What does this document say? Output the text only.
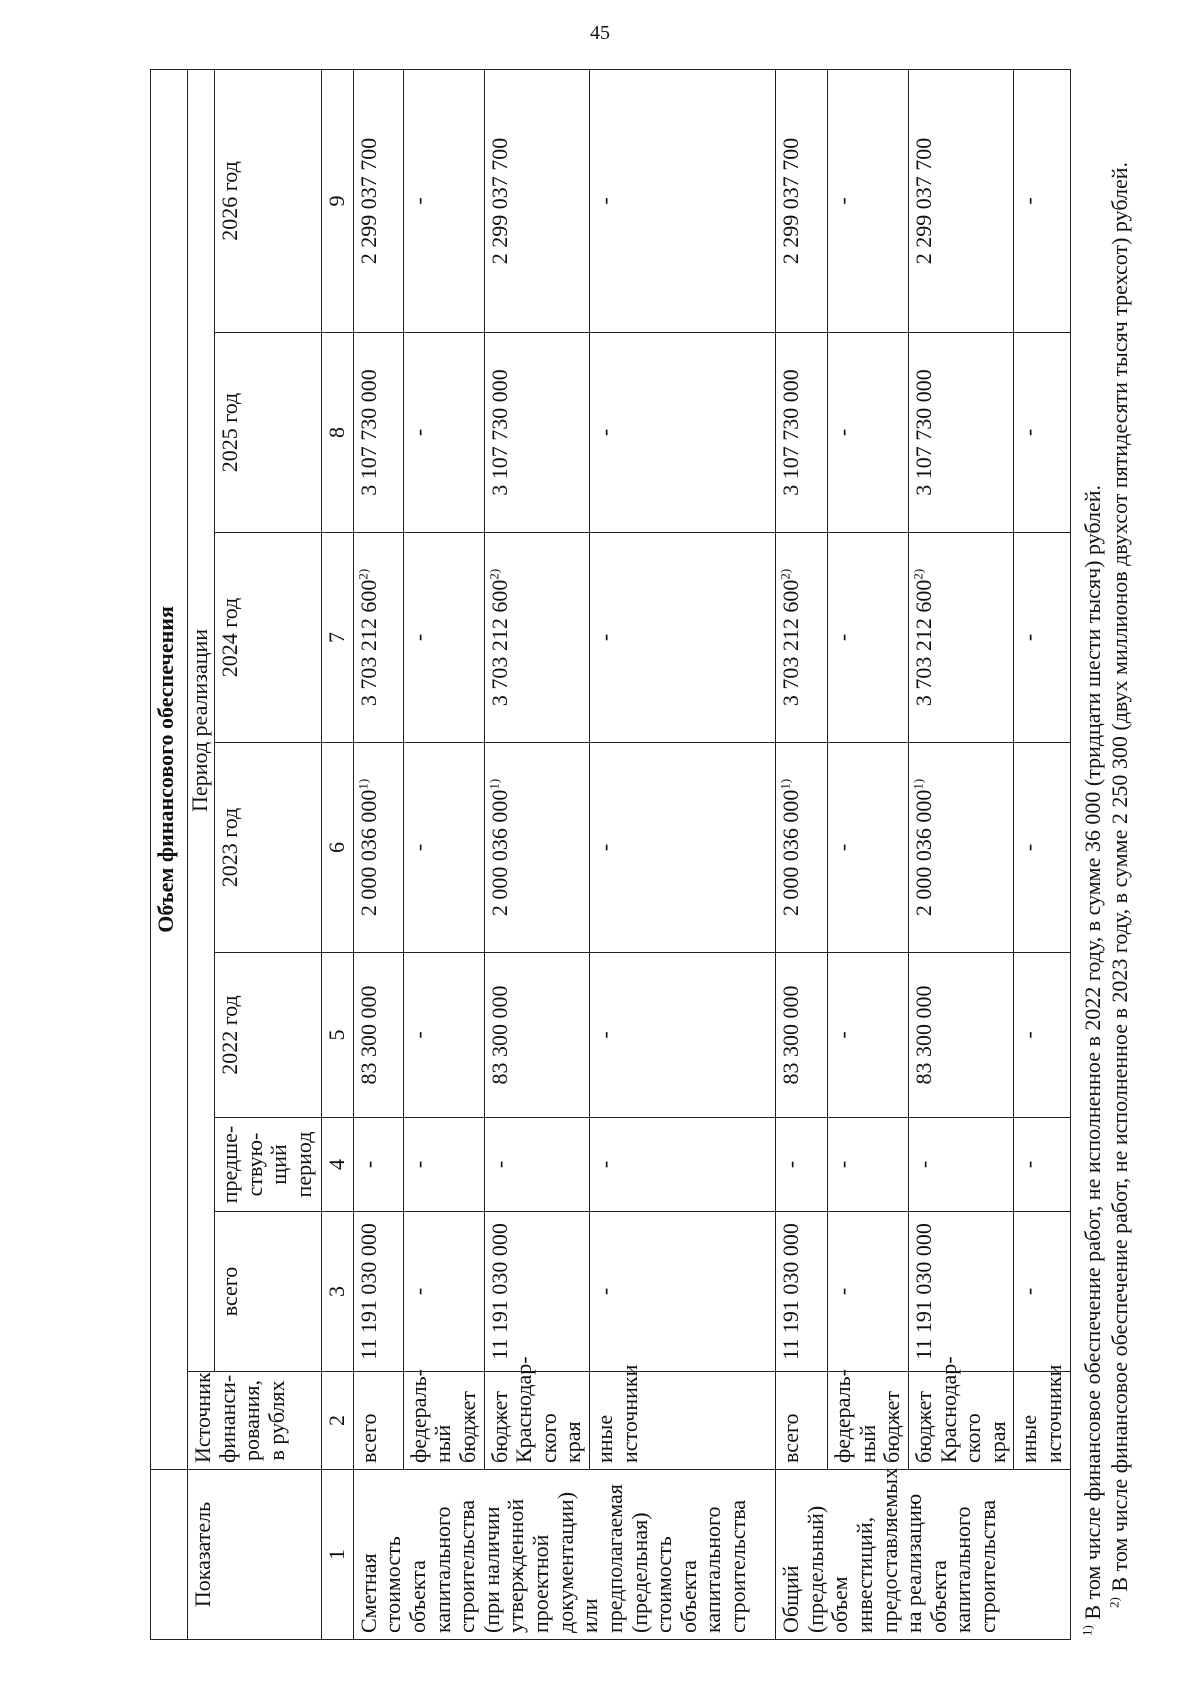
45
	Объем финансового обеспечения							
Показатель	Источник финанси-рования, в рублях	Период реализации						
		всего	предше-ствую-щий период	2022 год	2023 год	2024 год	2025 год	2026 год
1	2	3	4	5	6	7	8	9
Сметная стоимость объекта капитального строительства (при наличии утвержденной проектной документации) или предполагаемая (предельная) стоимость объекта капитального строительства	всего	11 191 030 000	-	83 300 000	2 000 036 000$^{1)}$	3 703 212 600$^{2)}$	3 107 730 000	2 299 037 700
	федераль-ный бюджет	-	-	-	-	-	-	-
	бюджет Краснодар-ского края	11 191 030 000	-	83 300 000	2 000 036 000$^{1)}$	3 703 212 600$^{2)}$	3 107 730 000	2 299 037 700
	иные источники	-	-	-	-	-	-	-
Общий (предельный) объем инвестиций, предоставляемых на реализацию объекта капитального строительства	всего	11 191 030 000	-	83 300 000	2 000 036 000$^{1)}$	3 703 212 600$^{2)}$	3 107 730 000	2 299 037 700
	федераль-ный бюджет	-	-	-	-	-	-	-
	бюджет Краснодар-ского края	11 191 030 000	-	83 300 000	2 000 036 000$^{1)}$	3 703 212 600$^{2)}$	3 107 730 000	2 299 037 700
	иные источники	-	-	-	-	-	-	-

$^{1)}$ В том числе финансовое обеспечение работ, не исполненное в 2022 году, в сумме 36 000 (тридцати шести тысяч) рублей. $^{2)}$ В том числе финансовое обеспечение работ, не исполненное в 2023 году, в сумме 2 250 300 (двух миллионов двухсот пятидесяти тысяч трехсот) рублей.
